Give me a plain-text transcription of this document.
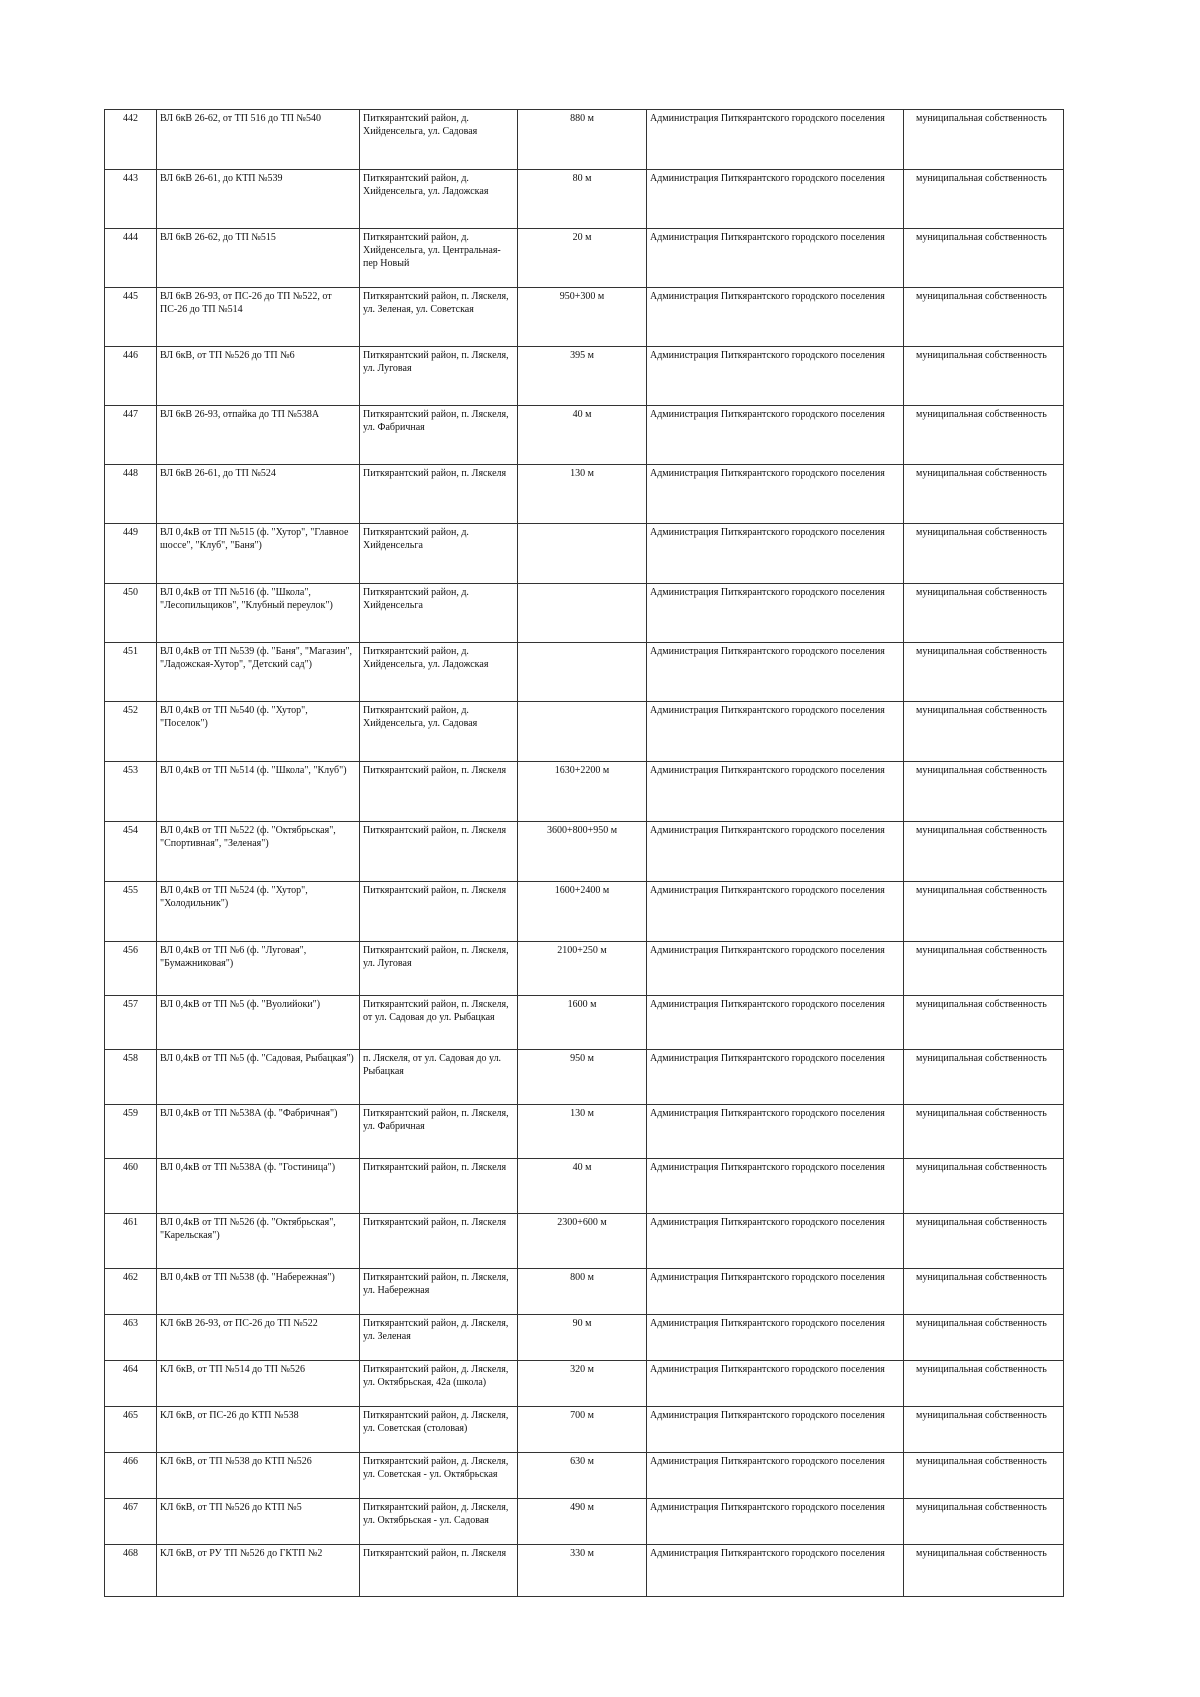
442	ВЛ 6кВ 26-62, от ТП 516 до ТП №540	Питкярантский район, д. Хийденсельга, ул. Садовая	880 м	Администрация Питкярантского городского поселения	муниципальная собственность
443	ВЛ 6кВ 26-61, до КТП №539	Питкярантский район, д. Хийденсельга, ул. Ладожская	80 м	Администрация Питкярантского городского поселения	муниципальная собственность
444	ВЛ 6кВ 26-62, до ТП №515	Питкярантский район, д. Хийденсельга, ул. Центральная-пер Новый	20 м	Администрация Питкярантского городского поселения	муниципальная собственность
445	ВЛ 6кВ 26-93, от ПС-26 до ТП №522, от ПС-26 до ТП №514	Питкярантский район, п. Ляскеля, ул. Зеленая, ул. Советская	950+300 м	Администрация Питкярантского городского поселения	муниципальная собственность
446	ВЛ 6кВ, от ТП №526 до ТП №6	Питкярантский район, п. Ляскеля, ул. Луговая	395 м	Администрация Питкярантского городского поселения	муниципальная собственность
447	ВЛ 6кВ 26-93, отпайка до ТП №538А	Питкярантский район, п. Ляскеля, ул. Фабричная	40 м	Администрация Питкярантского городского поселения	муниципальная собственность
448	ВЛ 6кВ 26-61, до ТП №524	Питкярантский район, п. Ляскеля	130 м	Администрация Питкярантского городского поселения	муниципальная собственность
449	ВЛ 0,4кВ от ТП №515 (ф. "Хутор", "Главное шоссе", "Клуб", "Баня")	Питкярантский район, д. Хийденсельга		Администрация Питкярантского городского поселения	муниципальная собственность
450	ВЛ 0,4кВ от ТП №516 (ф. "Школа", "Лесопильщиков", "Клубный переулок")	Питкярантский район, д. Хийденсельга		Администрация Питкярантского городского поселения	муниципальная собственность
451	ВЛ 0,4кВ от ТП №539 (ф. "Баня", "Магазин", "Ладожская-Хутор", "Детский сад")	Питкярантский район, д. Хийденсельга, ул. Ладожская		Администрация Питкярантского городского поселения	муниципальная собственность
452	ВЛ 0,4кВ от ТП №540 (ф. "Хутор", "Поселок")	Питкярантский район, д. Хийденсельга, ул. Садовая		Администрация Питкярантского городского поселения	муниципальная собственность
453	ВЛ 0,4кВ от ТП №514 (ф. "Школа", "Клуб")	Питкярантский район, п. Ляскеля	1630+2200 м	Администрация Питкярантского городского поселения	муниципальная собственность
454	ВЛ 0,4кВ от ТП №522 (ф. "Октябрьская", "Спортивная", "Зеленая")	Питкярантский район, п. Ляскеля	3600+800+950 м	Администрация Питкярантского городского поселения	муниципальная собственность
455	ВЛ 0,4кВ от ТП №524 (ф. "Хутор", "Холодильник")	Питкярантский район, п. Ляскеля	1600+2400 м	Администрация Питкярантского городского поселения	муниципальная собственность
456	ВЛ 0,4кВ от ТП №6 (ф. "Луговая", "Бумажниковая")	Питкярантский район, п. Ляскеля, ул. Луговая	2100+250 м	Администрация Питкярантского городского поселения	муниципальная собственность
457	ВЛ 0,4кВ от ТП №5 (ф. "Вуолийоки")	Питкярантский район, п. Ляскеля, от ул. Садовая до ул. Рыбацкая	1600 м	Администрация Питкярантского городского поселения	муниципальная собственность
458	ВЛ 0,4кВ от ТП №5 (ф. "Садовая, Рыбацкая")	п. Ляскеля, от ул. Садовая до ул. Рыбацкая	950 м	Администрация Питкярантского городского поселения	муниципальная собственность
459	ВЛ 0,4кВ от ТП №538А (ф. "Фабричная")	Питкярантский район, п. Ляскеля, ул. Фабричная	130 м	Администрация Питкярантского городского поселения	муниципальная собственность
460	ВЛ 0,4кВ от ТП №538А (ф. "Гостиница")	Питкярантский район, п. Ляскеля	40 м	Администрация Питкярантского городского поселения	муниципальная собственность
461	ВЛ 0,4кВ от ТП №526 (ф. "Октябрьская", "Карельская")	Питкярантский район, п. Ляскеля	2300+600 м	Администрация Питкярантского городского поселения	муниципальная собственность
462	ВЛ 0,4кВ от ТП №538 (ф. "Набережная")	Питкярантский район, п. Ляскеля, ул. Набережная	800 м	Администрация Питкярантского городского поселения	муниципальная собственность
463	КЛ 6кВ 26-93, от ПС-26 до ТП №522	Питкярантский район, д. Ляскеля, ул. Зеленая	90 м	Администрация Питкярантского городского поселения	муниципальная собственность
464	КЛ 6кВ, от ТП №514 до ТП №526	Питкярантский район, д. Ляскеля, ул. Октябрьская, 42а (школа)	320 м	Администрация Питкярантского городского поселения	муниципальная собственность
465	КЛ 6кВ, от ПС-26 до КТП №538	Питкярантский район, д. Ляскеля, ул. Советская (столовая)	700 м	Администрация Питкярантского городского поселения	муниципальная собственность
466	КЛ 6кВ, от ТП №538 до КТП №526	Питкярантский район, д. Ляскеля, ул. Советская - ул. Октябрьская	630 м	Администрация Питкярантского городского поселения	муниципальная собственность
467	КЛ 6кВ, от ТП №526 до КТП №5	Питкярантский район, д. Ляскеля, ул. Октябрьская - ул. Садовая	490 м	Администрация Питкярантского городского поселения	муниципальная собственность
468	КЛ 6кВ, от РУ ТП №526 до ГКТП №2	Питкярантский район, п. Ляскеля	330 м	Администрация Питкярантского городского поселения	муниципальная собственность
